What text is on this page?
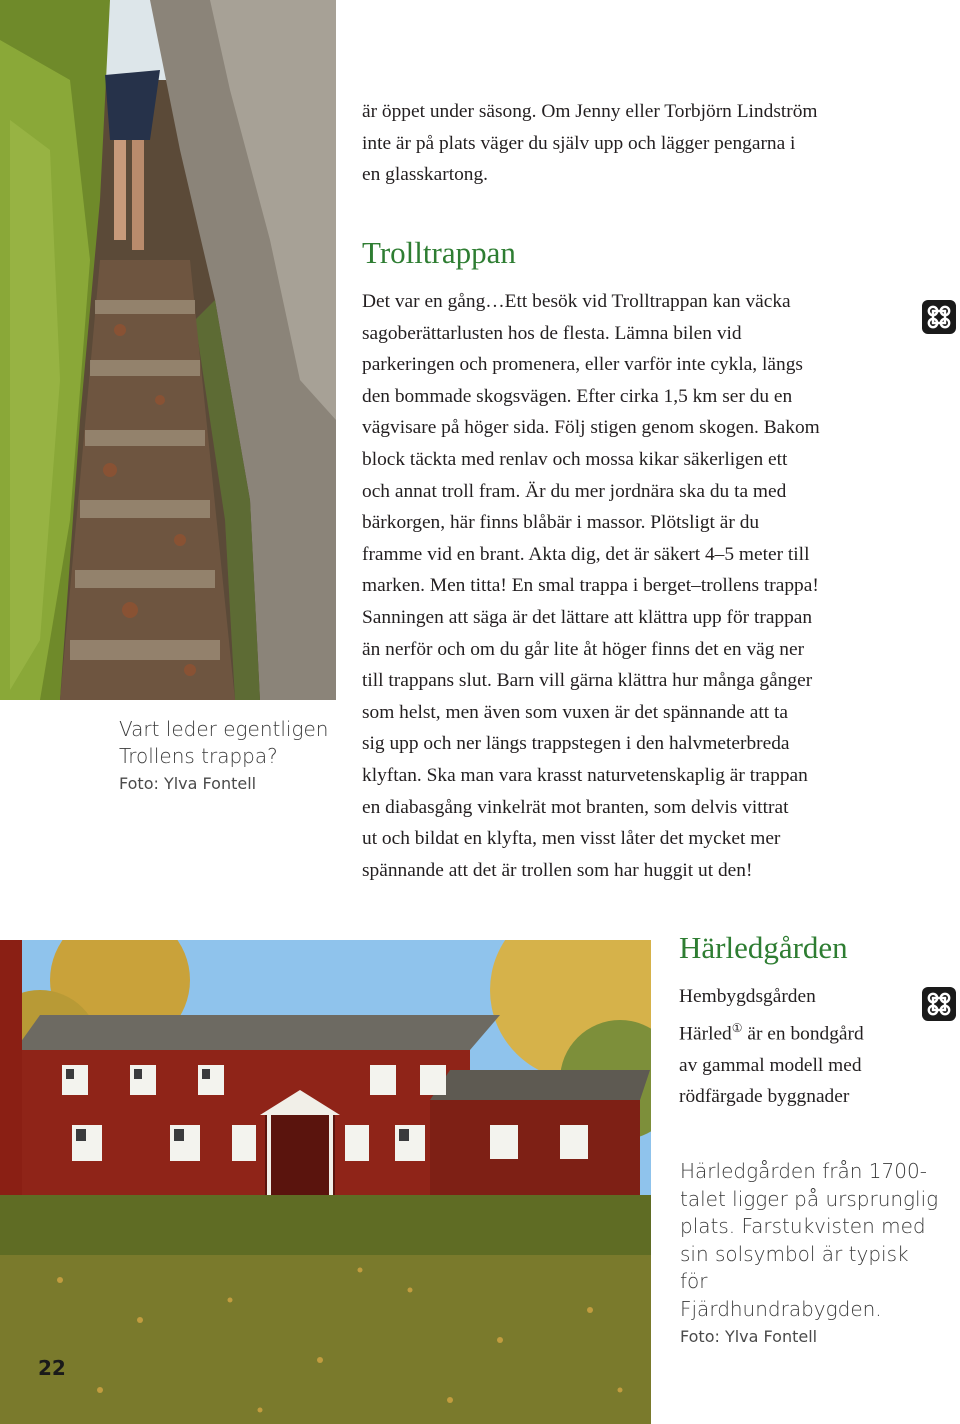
Vart leder egentligen
Trollens trappa?
Foto: Ylva Fontell

är öppet under säsong. Om Jenny eller Torbjörn Lindström

inte är på plats väger du själv upp och lägger pengarna i

en glasskartong.

Trolltrappan

Det var en gång…Ett besök vid Trolltrappan kan väcka

sagoberättarlusten hos de flesta. Lämna bilen vid

parkeringen och promenera, eller varför inte cykla, längs

den bommade skogsvägen. Efter cirka 1,5 km ser du en

vägvisare på höger sida. Följ stigen genom skogen. Bakom

block täckta med renlav och mossa kikar säkerligen ett

och annat troll fram. Är du mer jordnära ska du ta med

bärkorgen, här finns blåbär i massor. Plötsligt är du

framme vid en brant. Akta dig, det är säkert 4–5 meter till

marken. Men titta! En smal trappa i berget–trollens trappa!

Sanningen att säga är det lättare att klättra upp för trappan

än nerför och om du går lite åt höger finns det en väg ner

till trappans slut. Barn vill gärna klättra hur många gånger

som helst, men även som vuxen är det spännande att ta

sig upp och ner längs trappstegen i den halvmeterbreda

klyftan. Ska man vara krasst naturvetenskaplig är trappan

en diabasgång vinkelrät mot branten, som delvis vittrat

ut och bildat en klyfta, men visst låter det mycket mer

spännande att det är trollen som har huggit ut den!

Härledgården

Hembygdsgården

Härled① är en bondgård

av gammal modell med

rödfärgade byggnader

Härledgården från 1700-
talet ligger på ursprunglig
plats. Farstukvisten med
sin solsymbol är typisk för
Fjärdhundrabygden.
Foto: Ylva Fontell
22
